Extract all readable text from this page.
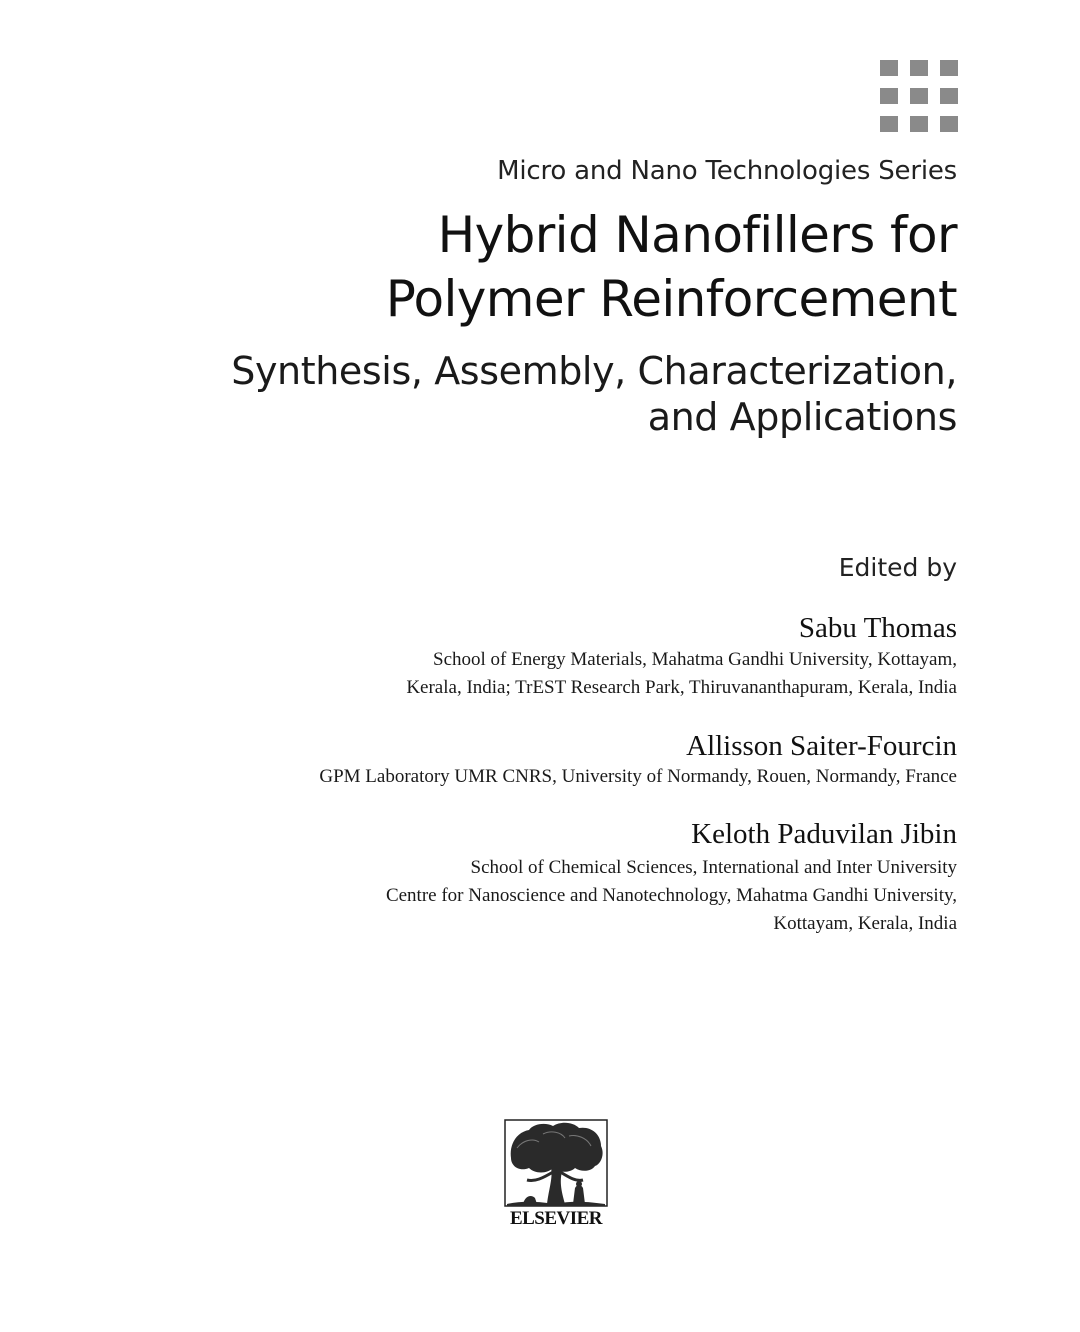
Micro and Nano Technologies Series
Hybrid Nanofillers for
Polymer Reinforcement
Synthesis, Assembly, Characterization,
and Applications
Edited by
Sabu Thomas
School of Energy Materials, Mahatma Gandhi University, Kottayam,
Kerala, India; TrEST Research Park, Thiruvananthapuram, Kerala, India
Allisson Saiter-Fourcin
GPM Laboratory UMR CNRS, University of Normandy, Rouen, Normandy, France
Keloth Paduvilan Jibin
School of Chemical Sciences, International and Inter University
Centre for Nanoscience and Nanotechnology, Mahatma Gandhi University,
Kottayam, Kerala, India
ELSEVIER
